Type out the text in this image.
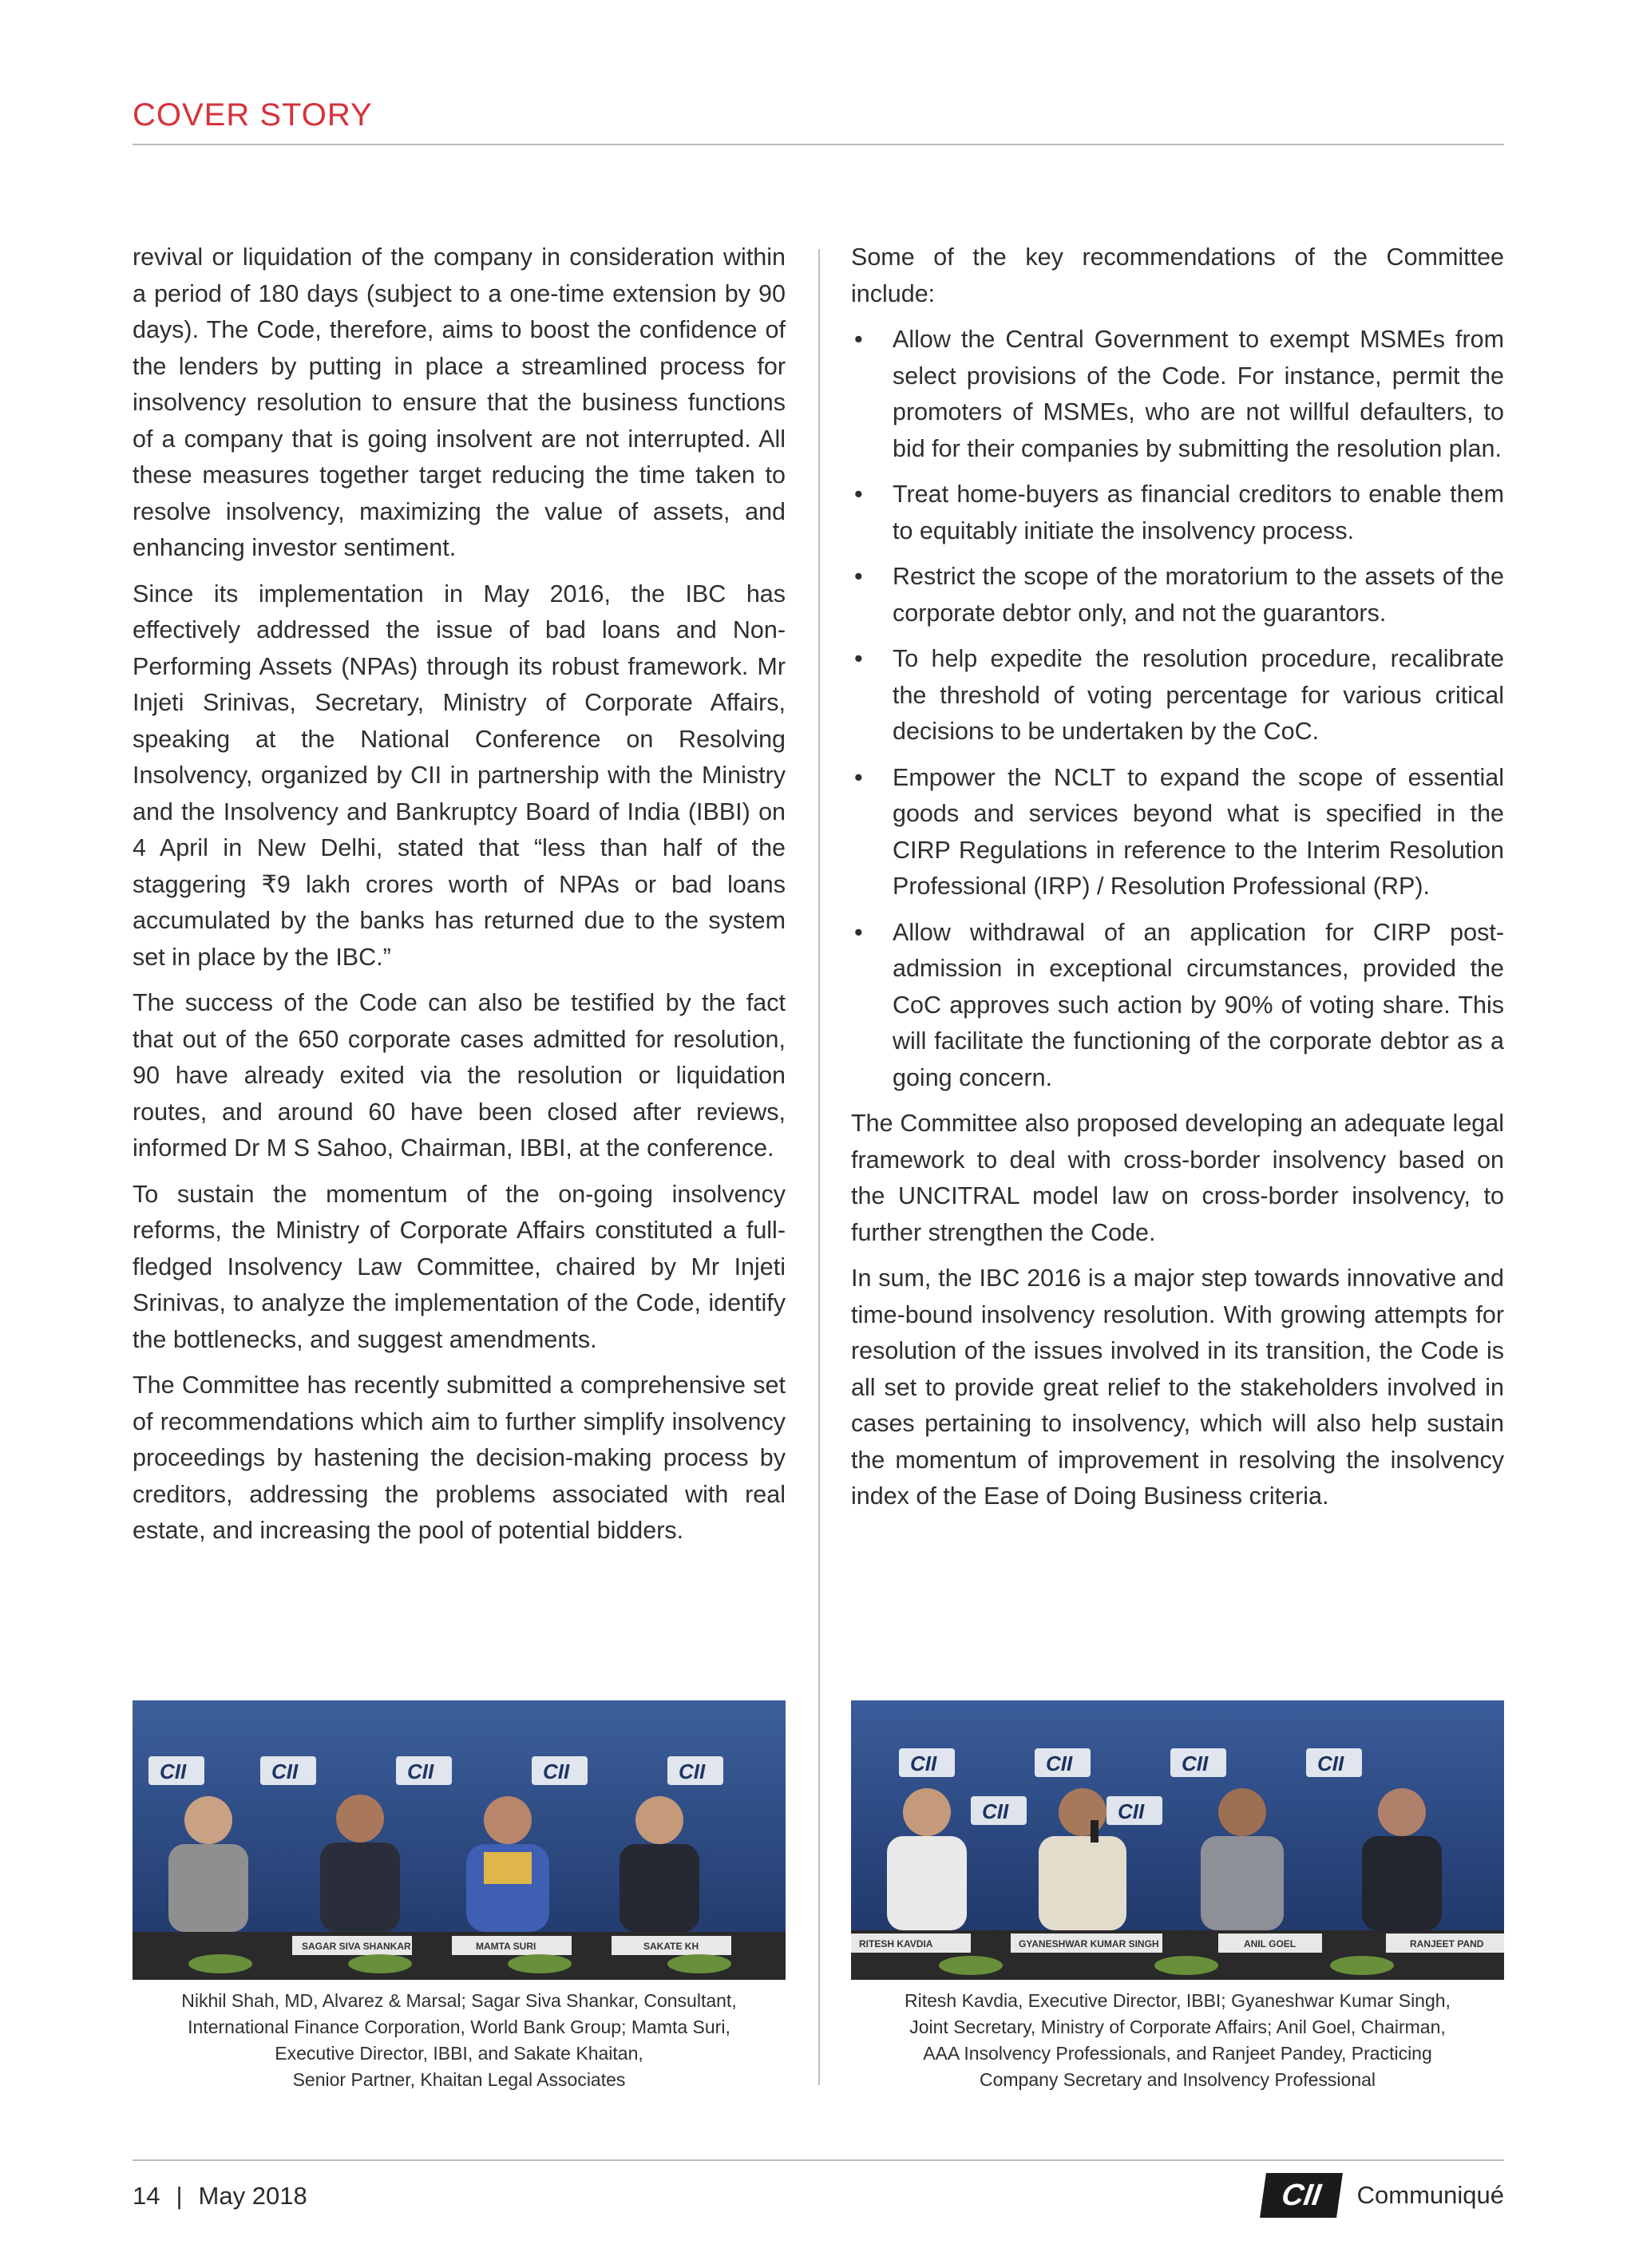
COVER STORY

revival or liquidation of the company in consideration within a period of 180 days (subject to a one-time extension by 90 days). The Code, therefore, aims to boost the confidence of the lenders by putting in place a streamlined process for insolvency resolution to ensure that the business functions of a company that is going insolvent are not interrupted. All these measures together target reducing the time taken to resolve insolvency, maximizing the value of assets, and enhancing investor sentiment.

Since its implementation in May 2016, the IBC has effectively addressed the issue of bad loans and Non-Performing Assets (NPAs) through its robust framework. Mr Injeti Srinivas, Secretary, Ministry of Corporate Affairs, speaking at the National Conference on Resolving Insolvency, organized by CII in partnership with the Ministry and the Insolvency and Bankruptcy Board of India (IBBI) on 4 April in New Delhi, stated that “less than half of the staggering ₹9 lakh crores worth of NPAs or bad loans accumulated by the banks has returned due to the system set in place by the IBC.”

The success of the Code can also be testified by the fact that out of the 650 corporate cases admitted for resolution, 90 have already exited via the resolution or liquidation routes, and around 60 have been closed after reviews, informed Dr M S Sahoo, Chairman, IBBI, at the conference.

To sustain the momentum of the on-going insolvency reforms, the Ministry of Corporate Affairs constituted a full-fledged Insolvency Law Committee, chaired by Mr Injeti Srinivas, to analyze the implementation of the Code, identify the bottlenecks, and suggest amendments.

The Committee has recently submitted a comprehensive set of recommendations which aim to further simplify insolvency proceedings by hastening the decision-making process by creditors, addressing the problems associated with real estate, and increasing the pool of potential bidders.

Some of the key recommendations of the Committee include:

• Allow the Central Government to exempt MSMEs from select provisions of the Code. For instance, permit the promoters of MSMEs, who are not willful defaulters, to bid for their companies by submitting the resolution plan.
• Treat home-buyers as financial creditors to enable them to equitably initiate the insolvency process.
• Restrict the scope of the moratorium to the assets of the corporate debtor only, and not the guarantors.
• To help expedite the resolution procedure, recalibrate the threshold of voting percentage for various critical decisions to be undertaken by the CoC.
• Empower the NCLT to expand the scope of essential goods and services beyond what is specified in the CIRP Regulations in reference to the Interim Resolution Professional (IRP) / Resolution Professional (RP).
• Allow withdrawal of an application for CIRP post-admission in exceptional circumstances, provided the CoC approves such action by 90% of voting share. This will facilitate the functioning of the corporate debtor as a going concern.

The Committee also proposed developing an adequate legal framework to deal with cross-border insolvency based on the UNCITRAL model law on cross-border insolvency, to further strengthen the Code.

In sum, the IBC 2016 is a major step towards innovative and time-bound insolvency resolution. With growing attempts for resolution of the issues involved in its transition, the Code is all set to provide great relief to the stakeholders involved in cases pertaining to insolvency, which will also help sustain the momentum of improvement in resolving the insolvency index of the Ease of Doing Business criteria.

CII	CII	CII	CII	CII
SAGAR SIVA SHANKAR	MAMTA SURI	SAKATE KH
Nikhil Shah, MD, Alvarez & Marsal; Sagar Siva Shankar, Consultant,
International Finance Corporation, World Bank Group; Mamta Suri,
Executive Director, IBBI, and Sakate Khaitan,
Senior Partner, Khaitan Legal Associates
CII	CII	CII	CII
CII	CII
RITESH KAVDIA	GYANESHWAR KUMAR SINGH	ANIL GOEL	RANJEET PAND
Ritesh Kavdia, Executive Director, IBBI; Gyaneshwar Kumar Singh,
Joint Secretary, Ministry of Corporate Affairs; Anil Goel, Chairman,
AAA Insolvency Professionals, and Ranjeet Pandey, Practicing
Company Secretary and Insolvency Professional
14 | May 2018	CII	Communiqué
